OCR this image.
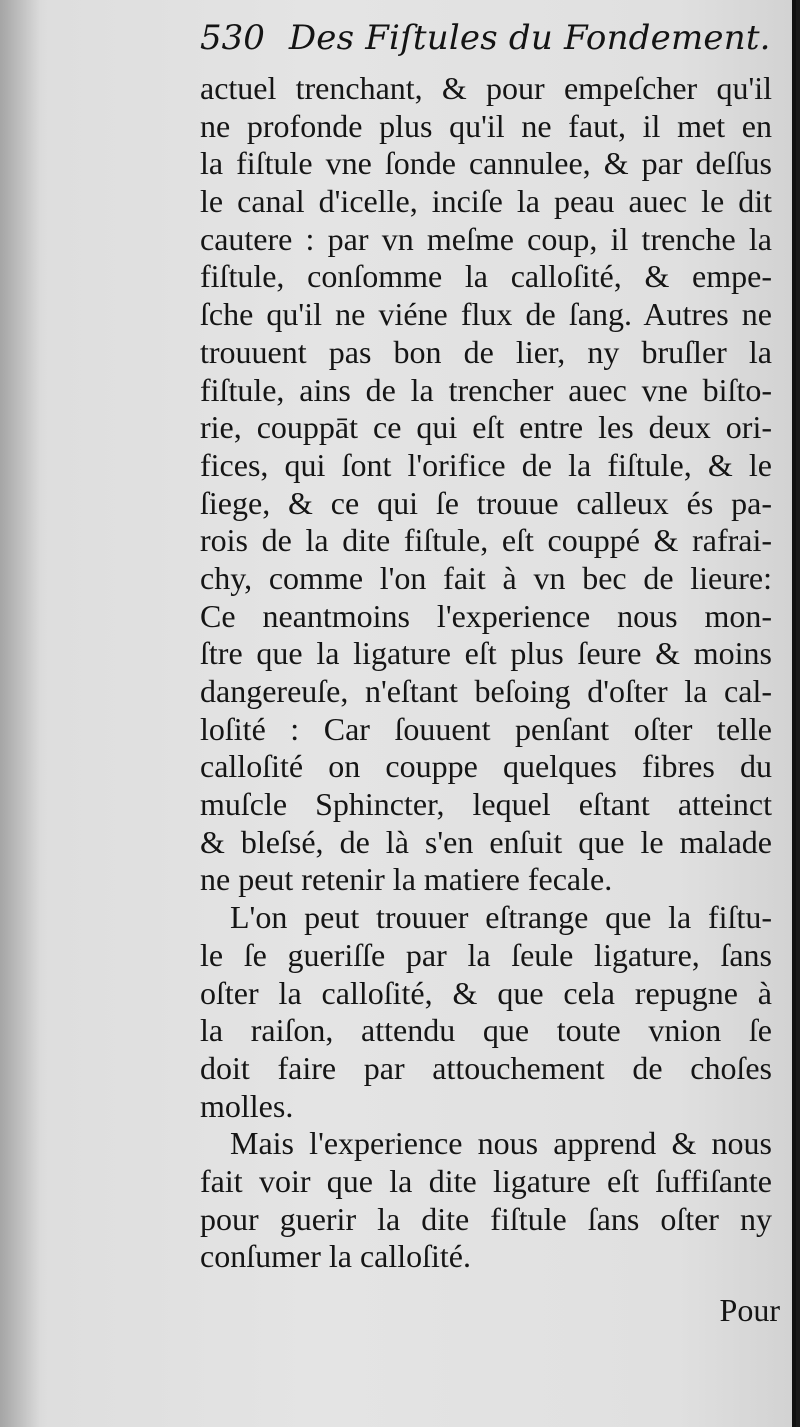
530 Des Fiſtules du Fondement.
actuel trenchant, & pour empeſcher qu'il
ne profonde plus qu'il ne faut, il met en
la fiſtule vne ſonde cannulee, & par deſſus
le canal d'icelle, inciſe la peau auec le dit
cautere : par vn meſme coup, il trenche la
fiſtule, conſomme la calloſité, & empe-
ſche qu'il ne viéne flux de ſang. Autres ne
trouuent pas bon de lier, ny bruſler la
fiſtule, ains de la trencher auec vne biſto-
rie, couppāt ce qui eſt entre les deux ori-
fices, qui ſont l'orifice de la fiſtule, & le
ſiege, & ce qui ſe trouue calleux és pa-
rois de la dite fiſtule, eſt couppé & rafrai-
chy, comme l'on fait à vn bec de lieure:
Ce neantmoins l'experience nous mon-
ſtre que la ligature eſt plus ſeure & moins
dangereuſe, n'eſtant beſoing d'oſter la cal-
loſité : Car ſouuent penſant oſter telle
calloſité on couppe quelques fibres du
muſcle Sphincter, lequel eſtant atteinct
& bleſsé, de là s'en enſuit que le malade
ne peut retenir la matiere fecale.
L'on peut trouuer eſtrange que la fiſtu-
le ſe gueriſſe par la ſeule ligature, ſans
oſter la calloſité, & que cela repugne à
la raiſon, attendu que toute vnion ſe
doit faire par attouchement de choſes
molles.
Mais l'experience nous apprend & nous
fait voir que la dite ligature eſt ſuffiſante
pour guerir la dite fiſtule ſans oſter ny
conſumer la calloſité.
Pour
